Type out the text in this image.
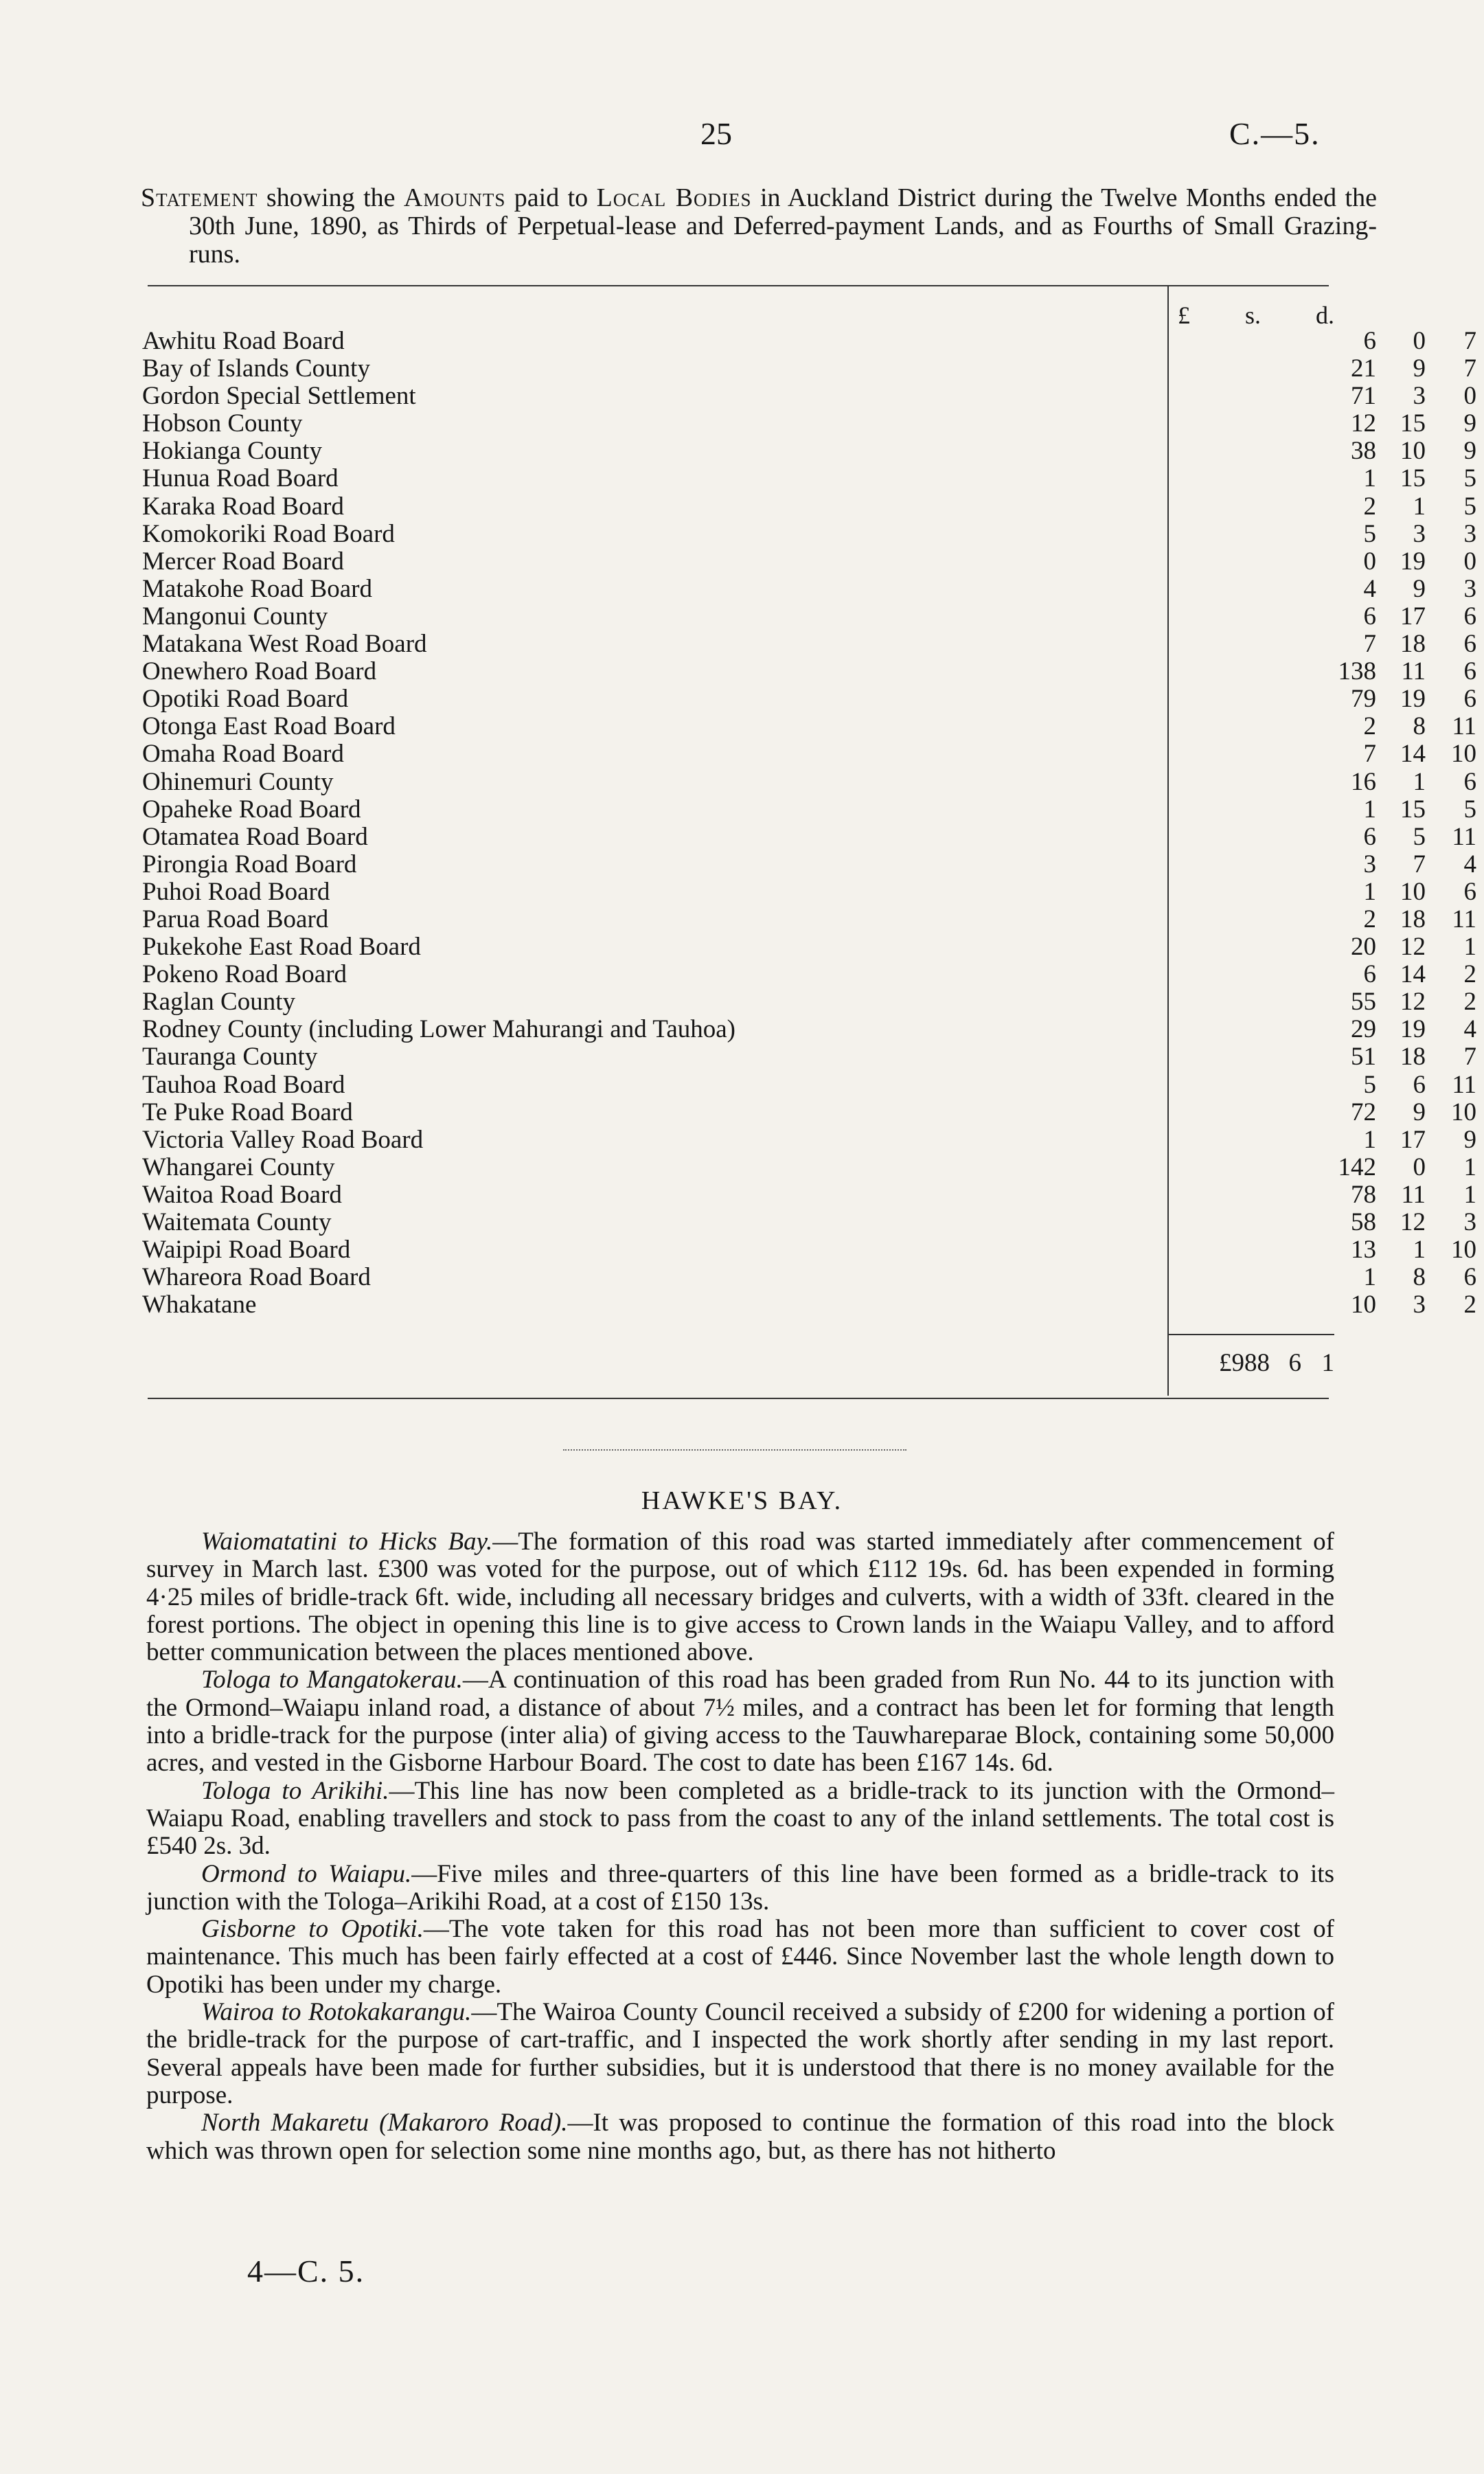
25	C.—5.
Statement showing the Amounts paid to Local Bodies in Auckland District during the Twelve Months ended the 30th June, 1890, as Thirds of Perpetual-lease and Deferred-payment Lands, and as Fourths of Small Grazing-runs.
£ s. d.
Awhitu Road Board	6 0 7
Bay of Islands County	21 9 7
Gordon Special Settlement	71 3 0
Hobson County	12 15 9
Hokianga County	38 10 9
Hunua Road Board	1 15 5
Karaka Road Board	2 1 5
Komokoriki Road Board	5 3 3
Mercer Road Board	0 19 0
Matakohe Road Board	4 9 3
Mangonui County	6 17 6
Matakana West Road Board	7 18 6
Onewhero Road Board	138 11 6
Opotiki Road Board	79 19 6
Otonga East Road Board	2 8 11
Omaha Road Board	7 14 10
Ohinemuri County	16 1 6
Opaheke Road Board	1 15 5
Otamatea Road Board	6 5 11
Pirongia Road Board	3 7 4
Puhoi Road Board	1 10 6
Parua Road Board	2 18 11
Pukekohe East Road Board	20 12 1
Pokeno Road Board	6 14 2
Raglan County	55 12 2
Rodney County (including Lower Mahurangi and Tauhoa)	29 19 4
Tauranga County	51 18 7
Tauhoa Road Board	5 6 11
Te Puke Road Board	72 9 10
Victoria Valley Road Board	1 17 9
Whangarei County	142 0 1
Waitoa Road Board	78 11 1
Waitemata County	58 12 3
Waipipi Road Board	13 1 10
Whareora Road Board	1 8 6
Whakatane	10 3 2
£988 6 1
HAWKE'S BAY.

Waiomatatini to Hicks Bay.—The formation of this road was started immediately after commencement of survey in March last. £300 was voted for the purpose, out of which £112 19s. 6d. has been expended in forming 4·25 miles of bridle-track 6ft. wide, including all necessary bridges and culverts, with a width of 33ft. cleared in the forest portions. The object in opening this line is to give access to Crown lands in the Waiapu Valley, and to afford better communication between the places mentioned above.

Tologa to Mangatokerau.—A continuation of this road has been graded from Run No. 44 to its junction with the Ormond–Waiapu inland road, a distance of about 7½ miles, and a contract has been let for forming that length into a bridle-track for the purpose (inter alia) of giving access to the Tauwhareparae Block, containing some 50,000 acres, and vested in the Gisborne Harbour Board. The cost to date has been £167 14s. 6d.

Tologa to Arikihi.—This line has now been completed as a bridle-track to its junction with the Ormond–Waiapu Road, enabling travellers and stock to pass from the coast to any of the inland settlements. The total cost is £540 2s. 3d.

Ormond to Waiapu.—Five miles and three-quarters of this line have been formed as a bridle-track to its junction with the Tologa–Arikihi Road, at a cost of £150 13s.

Gisborne to Opotiki.—The vote taken for this road has not been more than sufficient to cover cost of maintenance. This much has been fairly effected at a cost of £446. Since November last the whole length down to Opotiki has been under my charge.

Wairoa to Rotokakarangu.—The Wairoa County Council received a subsidy of £200 for widening a portion of the bridle-track for the purpose of cart-traffic, and I inspected the work shortly after sending in my last report. Several appeals have been made for further subsidies, but it is understood that there is no money available for the purpose.

North Makaretu (Makaroro Road).—It was proposed to continue the formation of this road into the block which was thrown open for selection some nine months ago, but, as there has not hitherto

4—C. 5.
